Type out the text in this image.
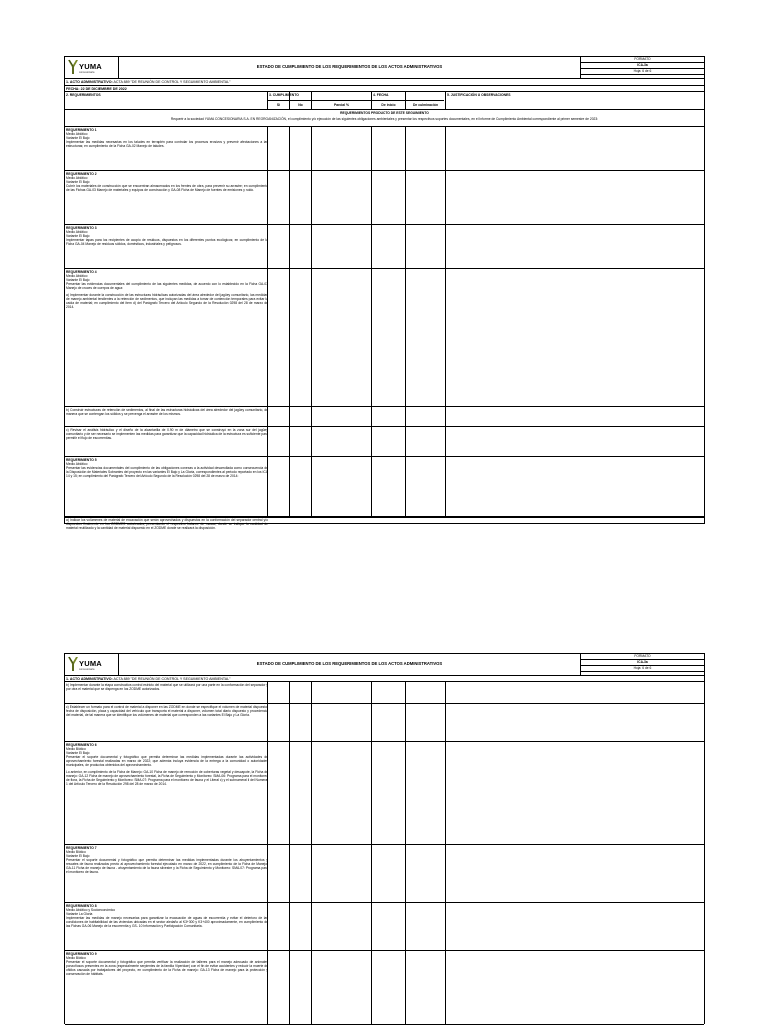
YUMA
concesionaria
ESTADO DE CUMPLIMIENTO DE LOS REQUERIMIENTOS DE LOS ACTOS ADMINISTRATIVOS
FORMATO
ICA-3a
Hoja: 6 de 6
1. ACTO ADMINISTRATIVO: ACTA 889 "DE REUNIÓN DE CONTROL Y SEGUIMIENTO AMBIENTAL"
FECHA: 22 DE DICIEMBRE DE 2022
2. REQUERIMIENTOS	3. CUMPLIMIENTO	4. FECHA	5. JUSTIFICACIÓN U OBSERVACIONES
Si	No	Parcial %	De inicio	De culminación
REQUERIMIENTOS PRODUCTO DE ESTE SEGUIMIENTO
Requerir a la sociedad YUMA CONCESIONARIA S.A. EN REORGANIZACIÓN, el cumplimiento y/o ejecución de las siguientes obligaciones ambientales y presentar los respectivos soportes documentales, en el Informe de Cumplimiento Ambiental correspondiente al primer semestre de 2023:
REQUERIMIENTO 1
Medio Abiótico
Variante El Bajo
Implementar las medidas necesarias en los taludes en terraplén para controlar los procesos erosivos y prevenir afectaciones a las estructuras; en cumplimiento de la Ficha GA-02 Manejo de taludes.
REQUERIMIENTO 2
Medio Abiótico
Variante El Bajo
Cubrir los materiales de construcción que se encuentran almacenados en los frentes de obra, para prevenir su arrastre; en cumplimiento de las Fichas GA-03 Manejo de materiales y equipos de construcción y GA-08 Ficha de Manejo de fuentes de emisiones y ruido.
REQUERIMIENTO 3
Medio Abiótico
Variante El Bajo
Implementar tapas para los recipientes de acopio de residuos, dispuestos en los diferentes puntos ecológicos; en cumplimiento de la Ficha GA-04 Manejo de residuos sólidos, domésticos, industriales y peligrosos.
REQUERIMIENTO 4
Medio Abiótico
Variante El Bajo
Presentar las evidencias documentales del cumplimiento de las siguientes medidas, de acuerdo con lo establecido en la Ficha GA-07 Manejo de cruces de cuerpos de agua:
a) Implementar durante la construcción de las estructuras hidráulicas autorizadas del área alrededor del jagüey comunitario, las medidas de manejo ambiental tendientes a la retención de sedimentos, que incluyan las medidas a tomar de contención temporales para evitar la caída de material; en cumplimiento del item d) del Parágrafo Tercero del Artículo Segundo de la Resolución 0298 del 28 de marzo de 2014.
b) Construir estructuras de retención de sedimentos, al final de las estructuras hidráulicas del área alrededor del jagüey comunitario, de manera que se contengan los sólidos y se prevenga el arrastre de los mismos.
c) Revisar el análisis hidráulico y el diseño de la alcantarilla de 0.90 m de diámetro que se construyó en la zona sur del jagüey comunitario y de ser necesario se implementen las medidas para garantizar que la capacidad hidráulica de la estructura es suficiente para permitir el flujo de escorrentías.
REQUERIMIENTO 5
Medio Abiótico
Presentar las evidencias documentales del cumplimiento de las obligaciones conexas a la actividad desarrollada como consecuencia de la Disposición de Materiales Sobrantes del proyecto en las variantes El Bajo y La Gloria, correspondientes al periodo reportado en los ICA 14 y 15; en cumplimiento del Parágrafo Tercero del Artículo Segundo de la Resolución 0298 del 28 de marzo de 2014:
a) Indicar los volúmenes de material de excavación que serán aprovechados y dispuestos en la conformación del separador central y/o dispuestos finalmente en los ZODMES autorizados; presentando el respectivo balance de masas, donde se indique la cantidad de material reutilizado y la cantidad de material dispuesto en el ZODME donde se realizará la disposición.
YUMA
concesionaria
ESTADO DE CUMPLIMIENTO DE LOS REQUERIMIENTOS DE LOS ACTOS ADMINISTRATIVOS
FORMATO
ICA-3a
Hoja: 6 de 6
1. ACTO ADMINISTRATIVO: ACTA 889 "DE REUNIÓN DE CONTROL Y SEGUIMIENTO AMBIENTAL"
b) Implementar durante la etapa constructiva control estricto del material que se utilizará por una parte en la conformación del separador y por otra el material que se dispenga en los ZODME autorizados.
c) Establecer un formato para el control de material a disponer en las ZODME en donde se especifique el volumen de material dispuesto, fecha de disposición, placa y capacidad del vehículo que transporta el material a disponer, volumen total diario dispuesto y procedencia del material, de tal manera que se identifique los volúmenes de material que corresponden a las variantes El Bajo y La Gloria.
REQUERIMIENTO 6
Medio Biótico
Variante El Bajo
Presentar el soporte documental y fotográfico que permita determinar las medidas implementadas durante las actividades de aprovechamiento forestal realizadas en marzo de 2022; que además incluya evidencia de la entrega a la comunidad o autoridades municipales, de productos obtenidos del aprovechamiento.
Lo anterior, en cumplimiento de la Ficha de Manejo: GA-10 Ficha de manejo de remoción de coberturas vegetal y descapote, la Ficha de manejo: GA-12 Ficha de manejo de aprovechamiento forestal, la Ficha de Seguimiento y Monitoreo: SMA-06: Programa para el monitoreo de flora, la Ficha de Seguimiento y Monitoreo: SMA-07: Programa para el monitoreo de fauna y el Literal c) y el subnumeral ii del Numeral 1 del Artículo Tercero de la Resolución 298 del 28 de marzo de 2014.
REQUERIMIENTO 7
Medio Biótico
Variante El Bajo
Presentar el soporte documental y fotográfico que permita determinar las medidas implementadas durante los ahuyentamientos y rescates de fauna realizados previo al aprovechamiento forestal ejecutado en marzo de 2022, en cumplimiento de la Ficha de Manejo: GA-11 Ficha de manejo de fauna - ahuyentamiento de la fauna silvestre y la Ficha de Seguimiento y Monitoreo: SMA-07: Programa para el monitoreo de fauna.
REQUERIMIENTO 8
Medio Abiótico y Socioeconómico
Variante La Gloria
Implementar las medidas de manejo necesarias para garantizar la evacuación de aguas de escorrentía y evitar el deterioro de las condiciones de habitabilidad de las viviendas ubicadas en el sector aledaño al K3+300 y K3+400 aproximadamente, en cumplimiento de las Fichas GA-06 Manejo de la escorrentía y GS- 10 Información y Participación Comunitaria.
REQUERIMIENTO 9
Medio Biótico
Presentar el soporte documental y fotográfico que permita verificar la realización de talleres para el manejo adecuado de animales ponzoñosos presentes en la zona (especialmente serpientes de la familia Viperidae) con el fin de evitar accidentes y reducir la muerte de ofidios causada por trabajadores del proyecto, en cumplimiento de la Ficha de manejo: GA-13 Ficha de manejo para la protección y conservación de hábitats.
